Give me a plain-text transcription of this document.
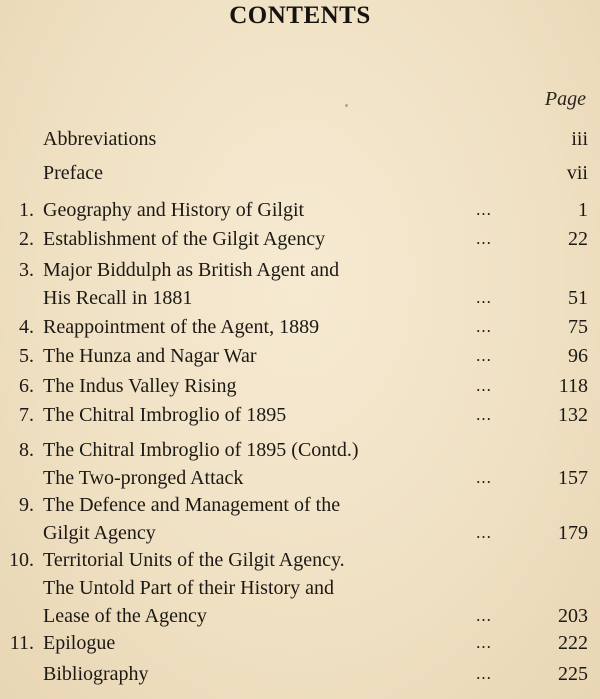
CONTENTS
Page
Abbreviations	iii
Preface	vii
1. Geography and History of Gilgit	...	1
2. Establishment of the Gilgit Agency	...	22
3. Major Biddulph as British Agent and
His Recall in 1881	...	51
4. Reappointment of the Agent, 1889	...	75
5. The Hunza and Nagar War	...	96
6. The Indus Valley Rising	...	118
7. The Chitral Imbroglio of 1895	...	132
8. The Chitral Imbroglio of 1895 (Contd.)
The Two-pronged Attack	...	157
9. The Defence and Management of the
Gilgit Agency	...	179
10. Territorial Units of the Gilgit Agency.
The Untold Part of their History and
Lease of the Agency	...	203
11. Epilogue	...	222
Bibliography	...	225
